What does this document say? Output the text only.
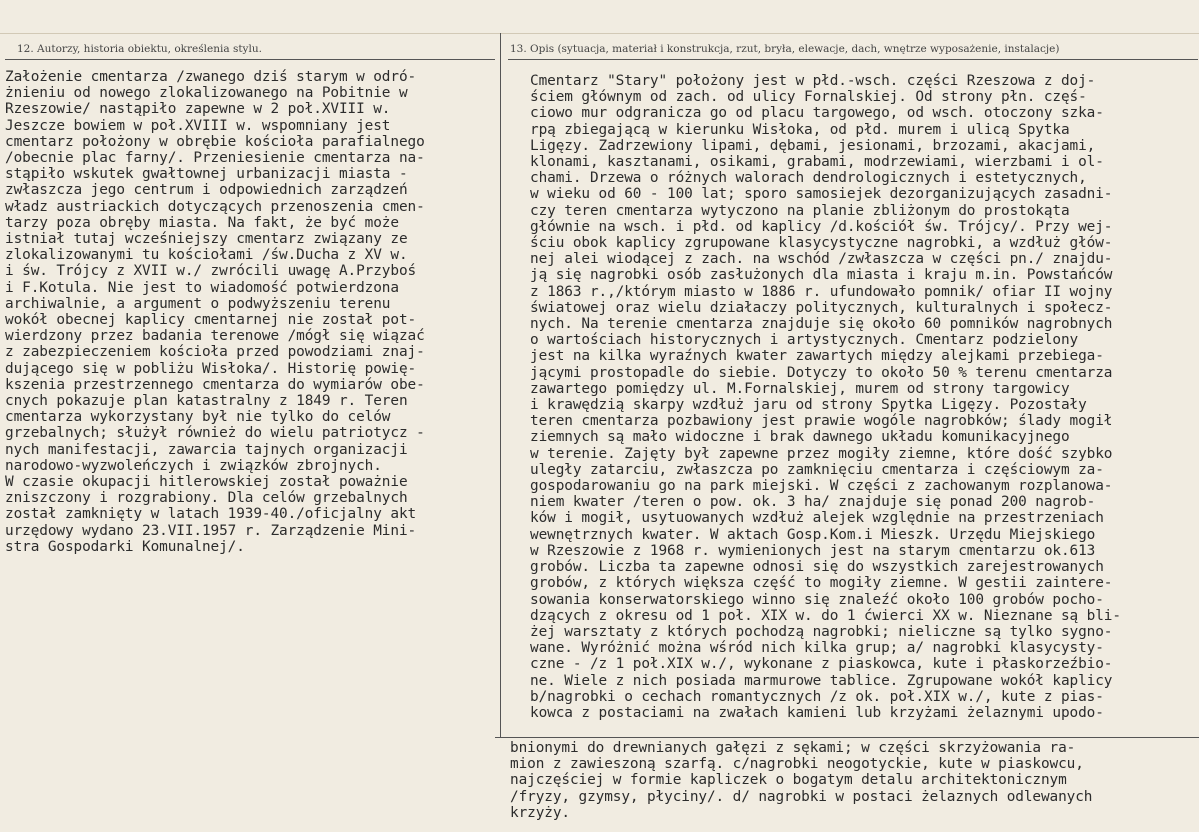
12. Autorzy, historia obiektu, określenia stylu.
Założenie cmentarza /zwanego dziś starym w odró-
żnieniu od nowego zlokalizowanego na Pobitnie w
Rzeszowie/ nastąpiło zapewne w 2 poł.XVIII w.
Jeszcze bowiem w poł.XVIII w. wspomniany jest
cmentarz położony w obrębie kościoła parafialnego
/obecnie plac farny/. Przeniesienie cmentarza na-
stąpiło wskutek gwałtownej urbanizacji miasta -
zwłaszcza jego centrum i odpowiednich zarządzeń
władz austriackich dotyczących przenoszenia cmen-
tarzy poza obręby miasta. Na fakt, że być może
istniał tutaj wcześniejszy cmentarz związany ze
zlokalizowanymi tu kościołami /św.Ducha z XV w.
i św. Trójcy z XVII w./ zwrócili uwagę A.Przyboś
i F.Kotula. Nie jest to wiadomość potwierdzona
archiwalnie, a argument o podwyższeniu terenu
wokół obecnej kaplicy cmentarnej nie został pot-
wierdzony przez badania terenowe /mógł się wiązać
z zabezpieczeniem kościoła przed powodziami znaj-
dującego się w pobliżu Wisłoka/. Historię powię-
kszenia przestrzennego cmentarza do wymiarów obe-
cnych pokazuje plan katastralny z 1849 r. Teren
cmentarza wykorzystany był nie tylko do celów
grzebalnych; służył również do wielu patriotycz -
nych manifestacji, zawarcia tajnych organizacji
narodowo-wyzwoleńczych i związków zbrojnych.
W czasie okupacji hitlerowskiej został poważnie
zniszczony i rozgrabiony. Dla celów grzebalnych
został zamknięty w latach 1939-40./oficjalny akt
urzędowy wydano 23.VII.1957 r. Zarządzenie Mini-
stra Gospodarki Komunalnej/.
13. Opis (sytuacja, materiał i konstrukcja, rzut, bryła, elewacje, dach, wnętrze wyposażenie, instalacje)
Cmentarz "Stary" położony jest w płd.-wsch. części Rzeszowa z doj-
ściem głównym od zach. od ulicy Fornalskiej. Od strony płn. częś-
ciowo mur odgranicza go od placu targowego, od wsch. otoczony szka-
rpą zbiegającą w kierunku Wisłoka, od płd. murem i ulicą Spytka
Ligęzy. Zadrzewiony lipami, dębami, jesionami, brzozami, akacjami,
klonami, kasztanami, osikami, grabami, modrzewiami, wierzbami i ol-
chami. Drzewa o różnych walorach dendrologicznych i estetycznych,
w wieku od 60 - 100 lat; sporo samosiejek dezorganizujących zasadni-
czy teren cmentarza wytyczono na planie zbliżonym do prostokąta
głównie na wsch. i płd. od kaplicy /d.kościół św. Trójcy/. Przy wej-
ściu obok kaplicy zgrupowane klasycystyczne nagrobki, a wzdłuż głów-
nej alei wiodącej z zach. na wschód /zwłaszcza w części pn./ znajdu-
ją się nagrobki osób zasłużonych dla miasta i kraju m.in. Powstańców
z 1863 r.,/którym miasto w 1886 r. ufundowało pomnik/ ofiar II wojny
światowej oraz wielu działaczy politycznych, kulturalnych i społecz-
nych. Na terenie cmentarza znajduje się około 60 pomników nagrobnych
o wartościach historycznych i artystycznych. Cmentarz podzielony
jest na kilka wyraźnych kwater zawartych między alejkami przebiega-
jącymi prostopadle do siebie. Dotyczy to około 50 % terenu cmentarza
zawartego pomiędzy ul. M.Fornalskiej, murem od strony targowicy
i krawędzią skarpy wzdłuż jaru od strony Spytka Ligęzy. Pozostały
teren cmentarza pozbawiony jest prawie wogóle nagrobków; ślady mogił
ziemnych są mało widoczne i brak dawnego układu komunikacyjnego
w terenie. Zajęty był zapewne przez mogiły ziemne, które dość szybko
uległy zatarciu, zwłaszcza po zamknięciu cmentarza i częściowym za-
gospodarowaniu go na park miejski. W części z zachowanym rozplanowa-
niem kwater /teren o pow. ok. 3 ha/ znajduje się ponad 200 nagrob-
ków i mogił, usytuowanych wzdłuż alejek względnie na przestrzeniach
wewnętrznych kwater. W aktach Gosp.Kom.i Mieszk. Urzędu Miejskiego
w Rzeszowie z 1968 r. wymienionych jest na starym cmentarzu ok.613
grobów. Liczba ta zapewne odnosi się do wszystkich zarejestrowanych
grobów, z których większa część to mogiły ziemne. W gestii zaintere-
sowania konserwatorskiego winno się znaleźć około 100 grobów pocho-
dzących z okresu od 1 poł. XIX w. do 1 ćwierci XX w. Nieznane są bli-
żej warsztaty z których pochodzą nagrobki; nieliczne są tylko sygno-
wane. Wyróżnić można wśród nich kilka grup; a/ nagrobki klasycysty-
czne - /z 1 poł.XIX w./, wykonane z piaskowca, kute i płaskorzeźbio-
ne. Wiele z nich posiada marmurowe tablice. Zgrupowane wokół kaplicy
b/nagrobki o cechach romantycznych /z ok. poł.XIX w./, kute z pias-
kowca z postaciami na zwałach kamieni lub krzyżami żelaznymi upodo-
bnionymi do drewnianych gałęzi z sękami; w części skrzyżowania ra-
mion z zawieszoną szarfą. c/nagrobki neogotyckie, kute w piaskowcu,
najczęściej w formie kapliczek o bogatym detalu architektonicznym
/fryzy, gzymsy, płyciny/. d/ nagrobki w postaci żelaznych odlewanych
krzyży.
